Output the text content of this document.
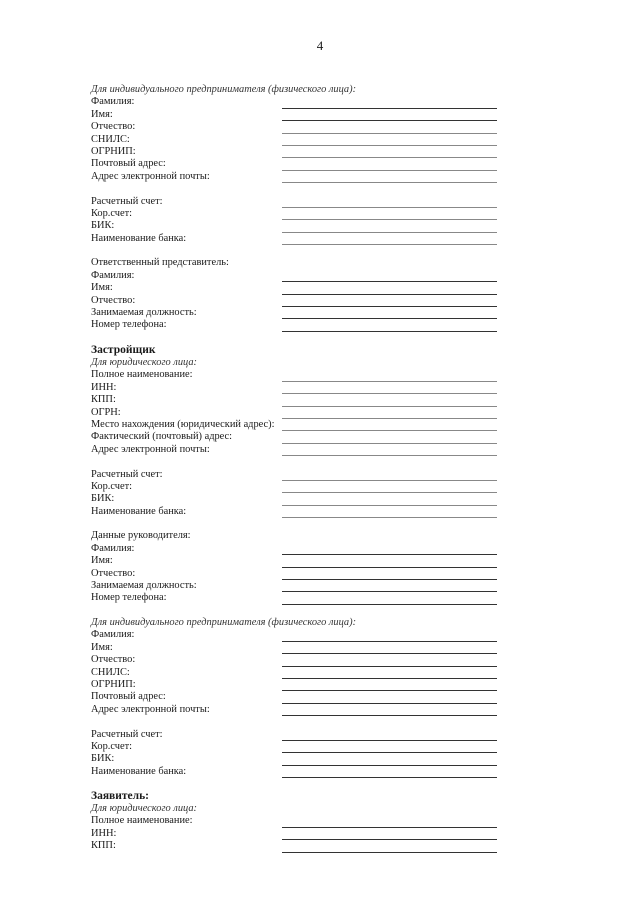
4
Для индивидуального предпринимателя (физического лица):
Фамилия:
Имя:
Отчество:
СНИЛС:
ОГРНИП:
Почтовый адрес:
Адрес электронной почты:
Расчетный счет:
Кор.счет:
БИК:
Наименование банка:
Ответственный представитель:
Фамилия:
Имя:
Отчество:
Занимаемая должность:
Номер телефона:
Застройщик
Для юридического лица:
Полное наименование:
ИНН:
КПП:
ОГРН:
Место нахождения (юридический адрес):
Фактический (почтовый) адрес:
Адрес электронной почты:
Расчетный счет:
Кор.счет:
БИК:
Наименование банка:
Данные руководителя:
Фамилия:
Имя:
Отчество:
Занимаемая должность:
Номер телефона:
Для индивидуального предпринимателя (физического лица):
Фамилия:
Имя:
Отчество:
СНИЛС:
ОГРНИП:
Почтовый адрес:
Адрес электронной почты:
Расчетный счет:
Кор.счет:
БИК:
Наименование банка:
Заявитель:
Для юридического лица:
Полное наименование:
ИНН:
КПП:
